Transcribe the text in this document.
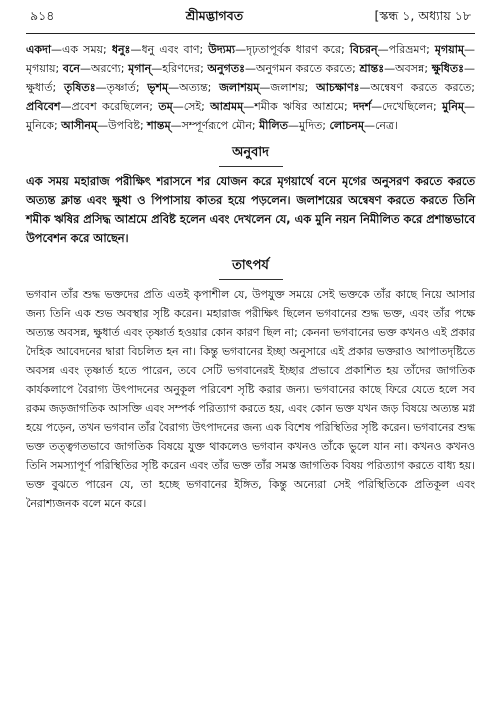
৯১৪	শ্রীমদ্ভাগবত	[স্কন্ধ ১, অধ্যায় ১৮
একদা—এক সময়; ধনুঃ—ধনু এবং বাণ; উদ্যম্য—দৃঢ়তাপূর্বক ধারণ করে; বিচরন্—পরিভ্রমণ; মৃগয়াম্—মৃগয়ায়; বনে—অরণ্যে; মৃগান্—হরিণদের; অনুগতঃ—অনুগমন করতে করতে; শ্রান্তঃ—অবসন্ন; ক্ষুধিতঃ—ক্ষুধার্ত; তৃষিতঃ—তৃষ্ণার্ত; ভৃশম্—অত্যন্ত; জলাশয়ম্—জলাশয়; আচক্ষাণঃ—অন্বেষণ করতে করতে; প্রবিবেশ—প্রবেশ করেছিলেন; তম্—সেই; আশ্রমম্—শমীক ঋষির আশ্রমে; দদর্শ—দেখেছিলেন; মুনিম্—মুনিকে; আসীনম্—উপবিষ্ট; শান্তম্—সম্পূর্ণরূপে মৌন; মীলিত—মুদিত; লোচনম্—নেত্র।
অনুবাদ
এক সময় মহারাজ পরীক্ষিৎ শরাসনে শর যোজন করে মৃগয়ার্থে বনে মৃগের অনুসরণ করতে করতে অত্যন্ত ক্লান্ত এবং ক্ষুধা ও পিপাসায় কাতর হয়ে পড়লেন। জলাশয়ের অন্বেষণ করতে করতে তিনি শমীক ঋষির প্রসিদ্ধ আশ্রমে প্রবিষ্ট হলেন এবং দেখলেন যে, এক মুনি নয়ন নিমীলিত করে প্রশান্তভাবে উপবেশন করে আছেন।
তাৎপর্য
ভগবান তাঁর শুদ্ধ ভক্তদের প্রতি এতই কৃপাশীল যে, উপযুক্ত সময়ে সেই ভক্তকে তাঁর কাছে নিয়ে আসার জন্য তিনি এক শুভ অবস্থার সৃষ্টি করেন। মহারাজ পরীক্ষিৎ ছিলেন ভগবানের শুদ্ধ ভক্ত, এবং তাঁর পক্ষে অত্যন্ত অবসন্ন, ক্ষুধার্ত এবং তৃষ্ণার্ত হওয়ার কোন কারণ ছিল না; কেননা ভগবানের ভক্ত কখনও এই প্রকার দৈহিক আবেদনের দ্বারা বিচলিত হন না। কিন্তু ভগবানের ইচ্ছা অনুসারে এই প্রকার ভক্তরাও আপাতদৃষ্টিতে অবসন্ন এবং তৃষ্ণার্ত হতে পারেন, তবে সেটি ভগবানেরই ইচ্ছার প্রভাবে প্রকাশিত হয় তাঁদের জাগতিক কার্যকলাপে বৈরাগ্য উৎপাদনের অনুকূল পরিবেশ সৃষ্টি করার জন্য। ভগবানের কাছে ফিরে যেতে হলে সব রকম জড়জাগতিক আসক্তি এবং সম্পর্ক পরিত্যাগ করতে হয়, এবং কোন ভক্ত যখন জড় বিষয়ে অত্যন্ত মগ্ন হয়ে পড়েন, তখন ভগবান তাঁর বৈরাগ্য উৎপাদনের জন্য এক বিশেষ পরিস্থিতির সৃষ্টি করেন। ভগবানের শুদ্ধ ভক্ত তত্ত্বগতভাবে জাগতিক বিষয়ে যুক্ত থাকলেও ভগবান কখনও তাঁকে ভুলে যান না। কখনও কখনও তিনি সমস্যাপূর্ণ পরিস্থিতির সৃষ্টি করেন এবং তাঁর ভক্ত তাঁর সমস্ত জাগতিক বিষয় পরিত্যাগ করতে বাধ্য হয়। ভক্ত বুঝতে পারেন যে, তা হচ্ছে ভগবানের ইঙ্গিত, কিন্তু অন্যেরা সেই পরিস্থিতিকে প্রতিকূল এবং নৈরাশ্যজনক বলে মনে করে।
